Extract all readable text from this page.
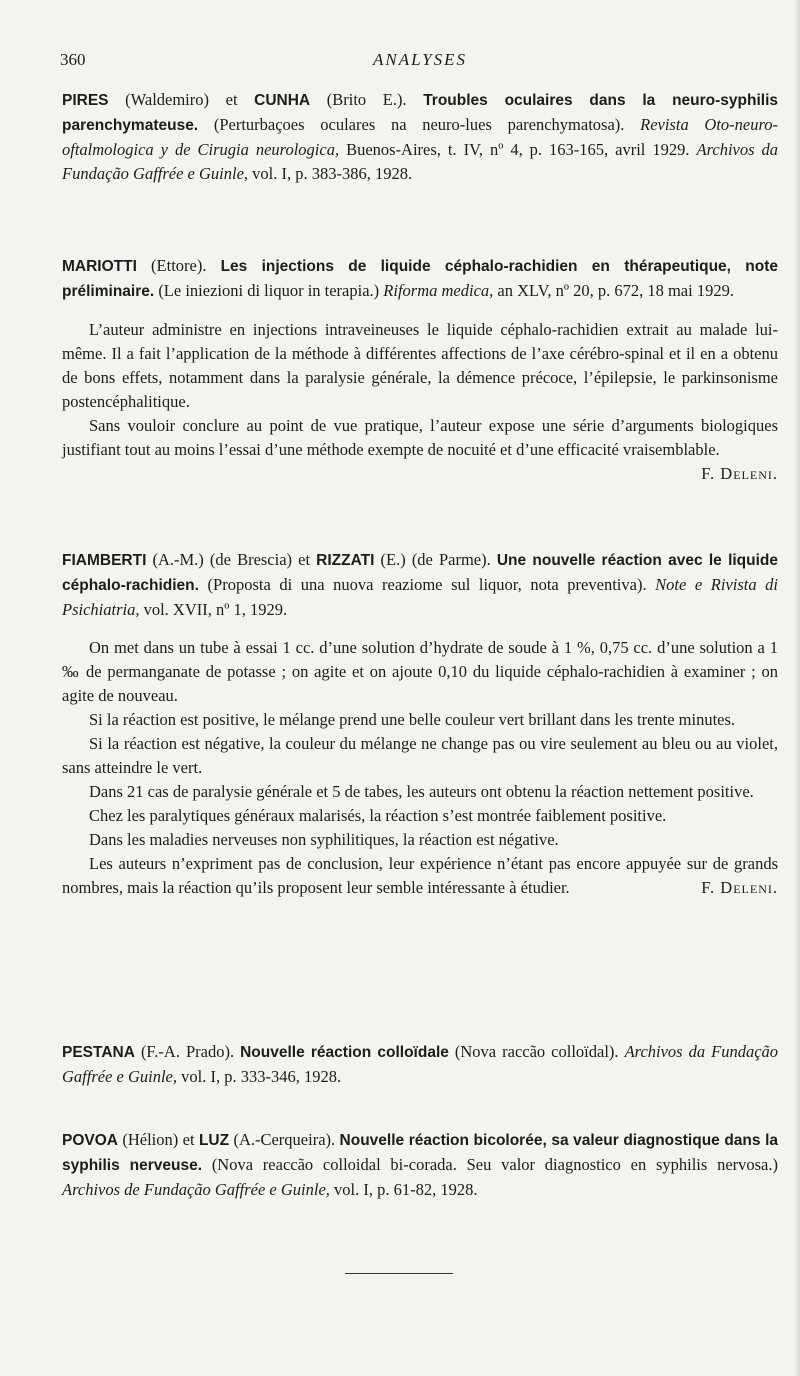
360	ANALYSES

PIRES (Waldemiro) et CUNHA (Brito E.). Troubles oculaires dans la neuro-syphilis parenchymateuse. (Perturbaçoes oculares na neuro-lues parenchymatosa). Revista Oto-neuro-oftalmologica y de Cirugia neurologica, Buenos-Aires, t. IV, nº 4, p. 163-165, avril 1929. Archivos da Fundação Gaffrée e Guinle, vol. I, p. 383-386, 1928.

MARIOTTI (Ettore). Les injections de liquide céphalo-rachidien en thérapeutique, note préliminaire. (Le iniezioni di liquor in terapia.) Riforma medica, an XLV, nº 20, p. 672, 18 mai 1929.

L’auteur administre en injections intraveineuses le liquide céphalo-rachidien extrait au malade lui-même. Il a fait l’application de la méthode à différentes affections de l’axe cérébro-spinal et il en a obtenu de bons effets, notamment dans la paralysie générale, la démence précoce, l’épilepsie, le parkinsonisme postencéphalitique.

Sans vouloir conclure au point de vue pratique, l’auteur expose une série d’arguments biologiques justifiant tout au moins l’essai d’une méthode exempte de nocuité et d’une efficacité vraisemblable.
F. Deleni.

FIAMBERTI (A.-M.) (de Brescia) et RIZZATI (E.) (de Parme). Une nouvelle réaction avec le liquide céphalo-rachidien. (Proposta di una nuova reaziome sul liquor, nota preventiva). Note e Rivista di Psichiatria, vol. XVII, nº 1, 1929.

On met dans un tube à essai 1 cc. d’une solution d’hydrate de soude à 1 %, 0,75 cc. d’une solution a 1 ‰ de permanganate de potasse ; on agite et on ajoute 0,10 du liquide céphalo-rachidien à examiner ; on agite de nouveau.

Si la réaction est positive, le mélange prend une belle couleur vert brillant dans les trente minutes.

Si la réaction est négative, la couleur du mélange ne change pas ou vire seulement au bleu ou au violet, sans atteindre le vert.

Dans 21 cas de paralysie générale et 5 de tabes, les auteurs ont obtenu la réaction nettement positive.

Chez les paralytiques généraux malarisés, la réaction s’est montrée faiblement positive.

Dans les maladies nerveuses non syphilitiques, la réaction est négative.

Les auteurs n’expriment pas de conclusion, leur expérience n’étant pas encore appuyée sur de grands nombres, mais la réaction qu’ils proposent leur semble intéressante à étudier.	F. Deleni.

PESTANA (F.-A. Prado). Nouvelle réaction colloïdale (Nova raccão colloïdal). Archivos da Fundação Gaffrée e Guinle, vol. I, p. 333-346, 1928.

POVOA (Hélion) et LUZ (A.-Cerqueira). Nouvelle réaction bicolorée, sa valeur diagnostique dans la syphilis nerveuse. (Nova reaccão colloidal bi-corada. Seu valor diagnostico en syphilis nervosa.) Archivos de Fundação Gaffrée e Guinle, vol. I, p. 61-82, 1928.
